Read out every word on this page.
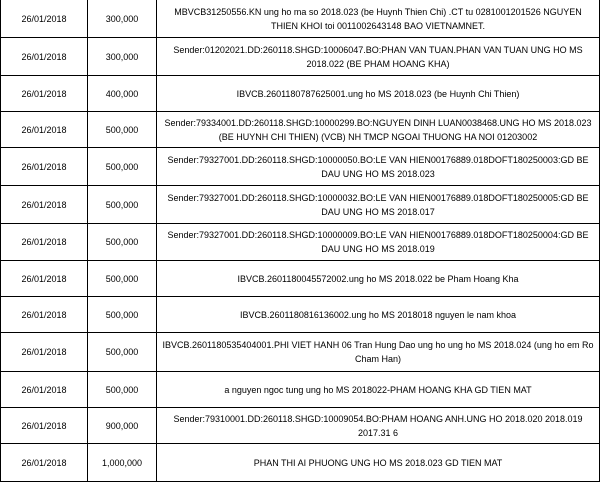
26/01/2018	300,000	MBVCB31250556.KN ung ho ma so 2018.023 (be Huynh Thien Chi) .CT tu 0281001201526 NGUYEN THIEN KHOI toi 0011002643148 BAO VIETNAMNET.
26/01/2018	300,000	Sender:01202021.DD:260118.SHGD:10006047.BO:PHAN VAN TUAN.PHAN VAN TUAN UNG HO MS 2018.022 (BE PHAM HOANG KHA)
26/01/2018	400,000	IBVCB.2601180787625001.ung ho MS 2018.023 (be Huynh Chi Thien)
26/01/2018	500,000	Sender:79334001.DD:260118.SHGD:10000299.BO:NGUYEN DINH LUAN0038468.UNG HO MS 2018.023 (BE HUYNH CHI THIEN) (VCB) NH TMCP NGOAI THUONG HA NOI 01203002
26/01/2018	500,000	Sender:79327001.DD:260118.SHGD:10000050.BO:LE VAN HIEN00176889.018DOFT180250003:GD BE DAU UNG HO MS 2018.023
26/01/2018	500,000	Sender:79327001.DD:260118.SHGD:10000032.BO:LE VAN HIEN00176889.018DOFT180250005:GD BE DAU UNG HO MS 2018.017
26/01/2018	500,000	Sender:79327001.DD:260118.SHGD:10000009.BO:LE VAN HIEN00176889.018DOFT180250004:GD BE DAU UNG HO MS 2018.019
26/01/2018	500,000	IBVCB.2601180045572002.ung ho MS 2018.022 be Pham Hoang Kha
26/01/2018	500,000	IBVCB.2601180816136002.ung ho MS 2018018 nguyen le nam khoa
26/01/2018	500,000	IBVCB.2601180535404001.PHI VIET HANH 06 Tran Hung Dao ung ho ung ho MS 2018.024 (ung ho em Ro Cham Han)
26/01/2018	500,000	a nguyen ngoc tung ung ho MS 2018022-PHAM HOANG KHA GD TIEN MAT
26/01/2018	900,000	Sender:79310001.DD:260118.SHGD:10009054.BO:PHAM HOANG ANH.UNG HO 2018.020 2018.019 2017.31 6
26/01/2018	1,000,000	PHAN THI AI PHUONG UNG HO MS 2018.023 GD TIEN MAT
